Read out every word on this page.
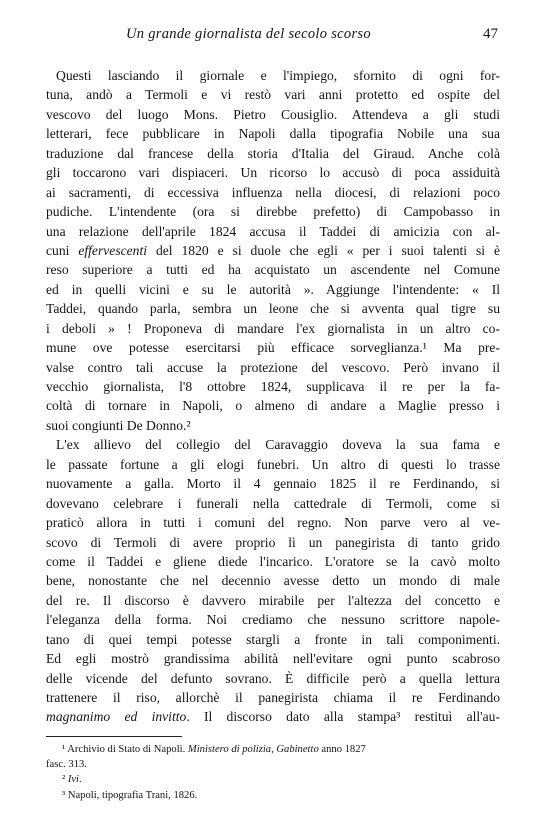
Un grande giornalista del secolo scorso	47
Questi lasciando il giornale e l'impiego, sfornito di ogni for-
tuna, andò a Termoli e vi restò vari anni protetto ed ospite del
vescovo del luogo Mons. Pietro Cousiglio. Attendeva a gli studi
letterari, fece pubblicare in Napoli dalla tipografia Nobile una sua
traduzione dal francese della storia d'Italia del Giraud. Anche colà
gli toccarono vari dispiaceri. Un ricorso lo accusò di poca assiduità
ai sacramenti, di eccessiva influenza nella diocesi, di relazioni poco
pudiche. L'intendente (ora si direbbe prefetto) di Campobasso in
una relazione dell'aprile 1824 accusa il Taddei di amicizia con al-
cuni effervescenti del 1820 e si duole che egli « per i suoi talenti si è
reso superiore a tutti ed ha acquistato un ascendente nel Comune
ed in quelli vicini e su le autorità ». Aggiunge l'intendente: « Il
Taddei, quando parla, sembra un leone che si avventa qual tigre su
i deboli » ! Proponeva di mandare l'ex giornalista in un altro co-
mune ove potesse esercitarsi più efficace sorveglianza.¹ Ma pre-
valse contro tali accuse la protezione del vescovo. Però invano il
vecchio giornalista, l'8 ottobre 1824, supplicava il re per la fa-
coltà di tornare in Napoli, o almeno di andare a Maglie presso i
suoi congiunti De Donno.²
L'ex allievo del collegio del Caravaggio doveva la sua fama e
le passate fortune a gli elogi funebri. Un altro di questi lo trasse
nuovamente a galla. Morto il 4 gennaio 1825 il re Ferdinando, si
dovevano celebrare i funerali nella cattedrale di Termoli, come si
praticò allora in tutti i comuni del regno. Non parve vero al ve-
scovo di Termoli di avere proprio lì un panegirista di tanto grido
come il Taddei e gliene diede l'incarico. L'oratore se la cavò molto
bene, nonostante che nel decennio avesse detto un mondo di male
del re. Il discorso è davvero mirabile per l'altezza del concetto e
l'eleganza della forma. Noi crediamo che nessuno scrittore napole-
tano di quei tempi potesse stargli a fronte in tali componimenti.
Ed egli mostrò grandissima abilità nell'evitare ogni punto scabroso
delle vicende del defunto sovrano. È difficile però a quella lettura
trattenere il riso, allorchè il panegirista chiama il re Ferdinando
magnanimo ed invitto. Il discorso dato alla stampa³ restituì all'au-
¹ Archivio di Stato di Napoli. Ministero di polizia, Gabinetto anno 1827
fasc. 313.
² Ivi.
³ Napoli, tipografia Trani, 1826.
